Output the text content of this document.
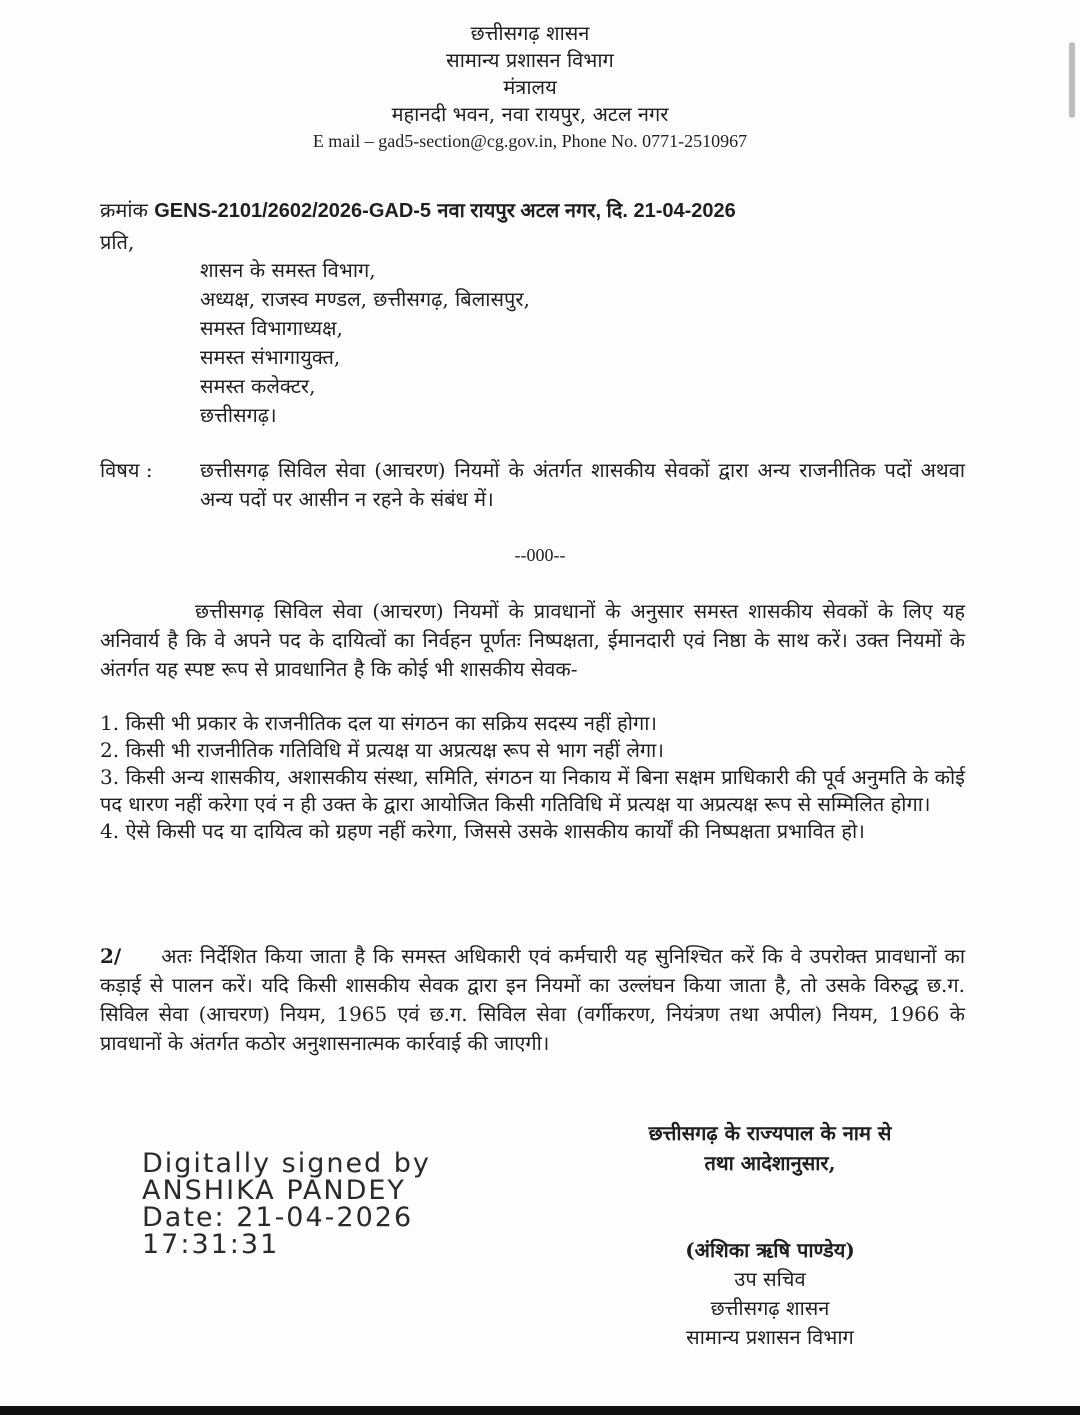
छत्तीसगढ़ शासन
सामान्य प्रशासन विभाग
मंत्रालय
महानदी भवन, नवा रायपुर, अटल नगर
E mail – gad5-section@cg.gov.in, Phone No. 0771-2510967
क्रमांक GENS-2101/2602/2026-GAD-5 नवा रायपुर अटल नगर, दि. 21-04-2026
प्रति,
शासन के समस्त विभाग,
अध्यक्ष, राजस्व मण्डल, छत्तीसगढ़, बिलासपुर,
समस्त विभागाध्यक्ष,
समस्त संभागायुक्त,
समस्त कलेक्टर,
छत्तीसगढ़।
विषय : छत्तीसगढ़ सिविल सेवा (आचरण) नियमों के अंतर्गत शासकीय सेवकों द्वारा अन्य राजनीतिक पदों अथवा अन्य पदों पर आसीन न रहने के संबंध में।
--000--
छत्तीसगढ़ सिविल सेवा (आचरण) नियमों के प्रावधानों के अनुसार समस्त शासकीय सेवकों के लिए यह अनिवार्य है कि वे अपने पद के दायित्वों का निर्वहन पूर्णतः निष्पक्षता, ईमानदारी एवं निष्ठा के साथ करें। उक्त नियमों के अंतर्गत यह स्पष्ट रूप से प्रावधानित है कि कोई भी शासकीय सेवक-

1. किसी भी प्रकार के राजनीतिक दल या संगठन का सक्रिय सदस्य नहीं होगा।

2. किसी भी राजनीतिक गतिविधि में प्रत्यक्ष या अप्रत्यक्ष रूप से भाग नहीं लेगा।

3. किसी अन्य शासकीय, अशासकीय संस्था, समिति, संगठन या निकाय में बिना सक्षम प्राधिकारी की पूर्व अनुमति के कोई पद धारण नहीं करेगा एवं न ही उक्त के द्वारा आयोजित किसी गतिविधि में प्रत्यक्ष या अप्रत्यक्ष रूप से सम्मिलित होगा।

4. ऐसे किसी पद या दायित्व को ग्रहण नहीं करेगा, जिससे उसके शासकीय कार्यों की निष्पक्षता प्रभावित हो।

2/ अतः निर्देशित किया जाता है कि समस्त अधिकारी एवं कर्मचारी यह सुनिश्चित करें कि वे उपरोक्त प्रावधानों का कड़ाई से पालन करें। यदि किसी शासकीय सेवक द्वारा इन नियमों का उल्लंघन किया जाता है, तो उसके विरुद्ध छ.ग. सिविल सेवा (आचरण) नियम, 1965 एवं छ.ग. सिविल सेवा (वर्गीकरण, नियंत्रण तथा अपील) नियम, 1966 के प्रावधानों के अंतर्गत कठोर अनुशासनात्मक कार्रवाई की जाएगी।
छत्तीसगढ़ के राज्यपाल के नाम से
तथा आदेशानुसार,
Digitally signed by
ANSHIKA PANDEY
Date: 21-04-2026
17:31:31	(अंशिका ऋषि पाण्डेय)
उप सचिव
छत्तीसगढ़ शासन
सामान्य प्रशासन विभाग
